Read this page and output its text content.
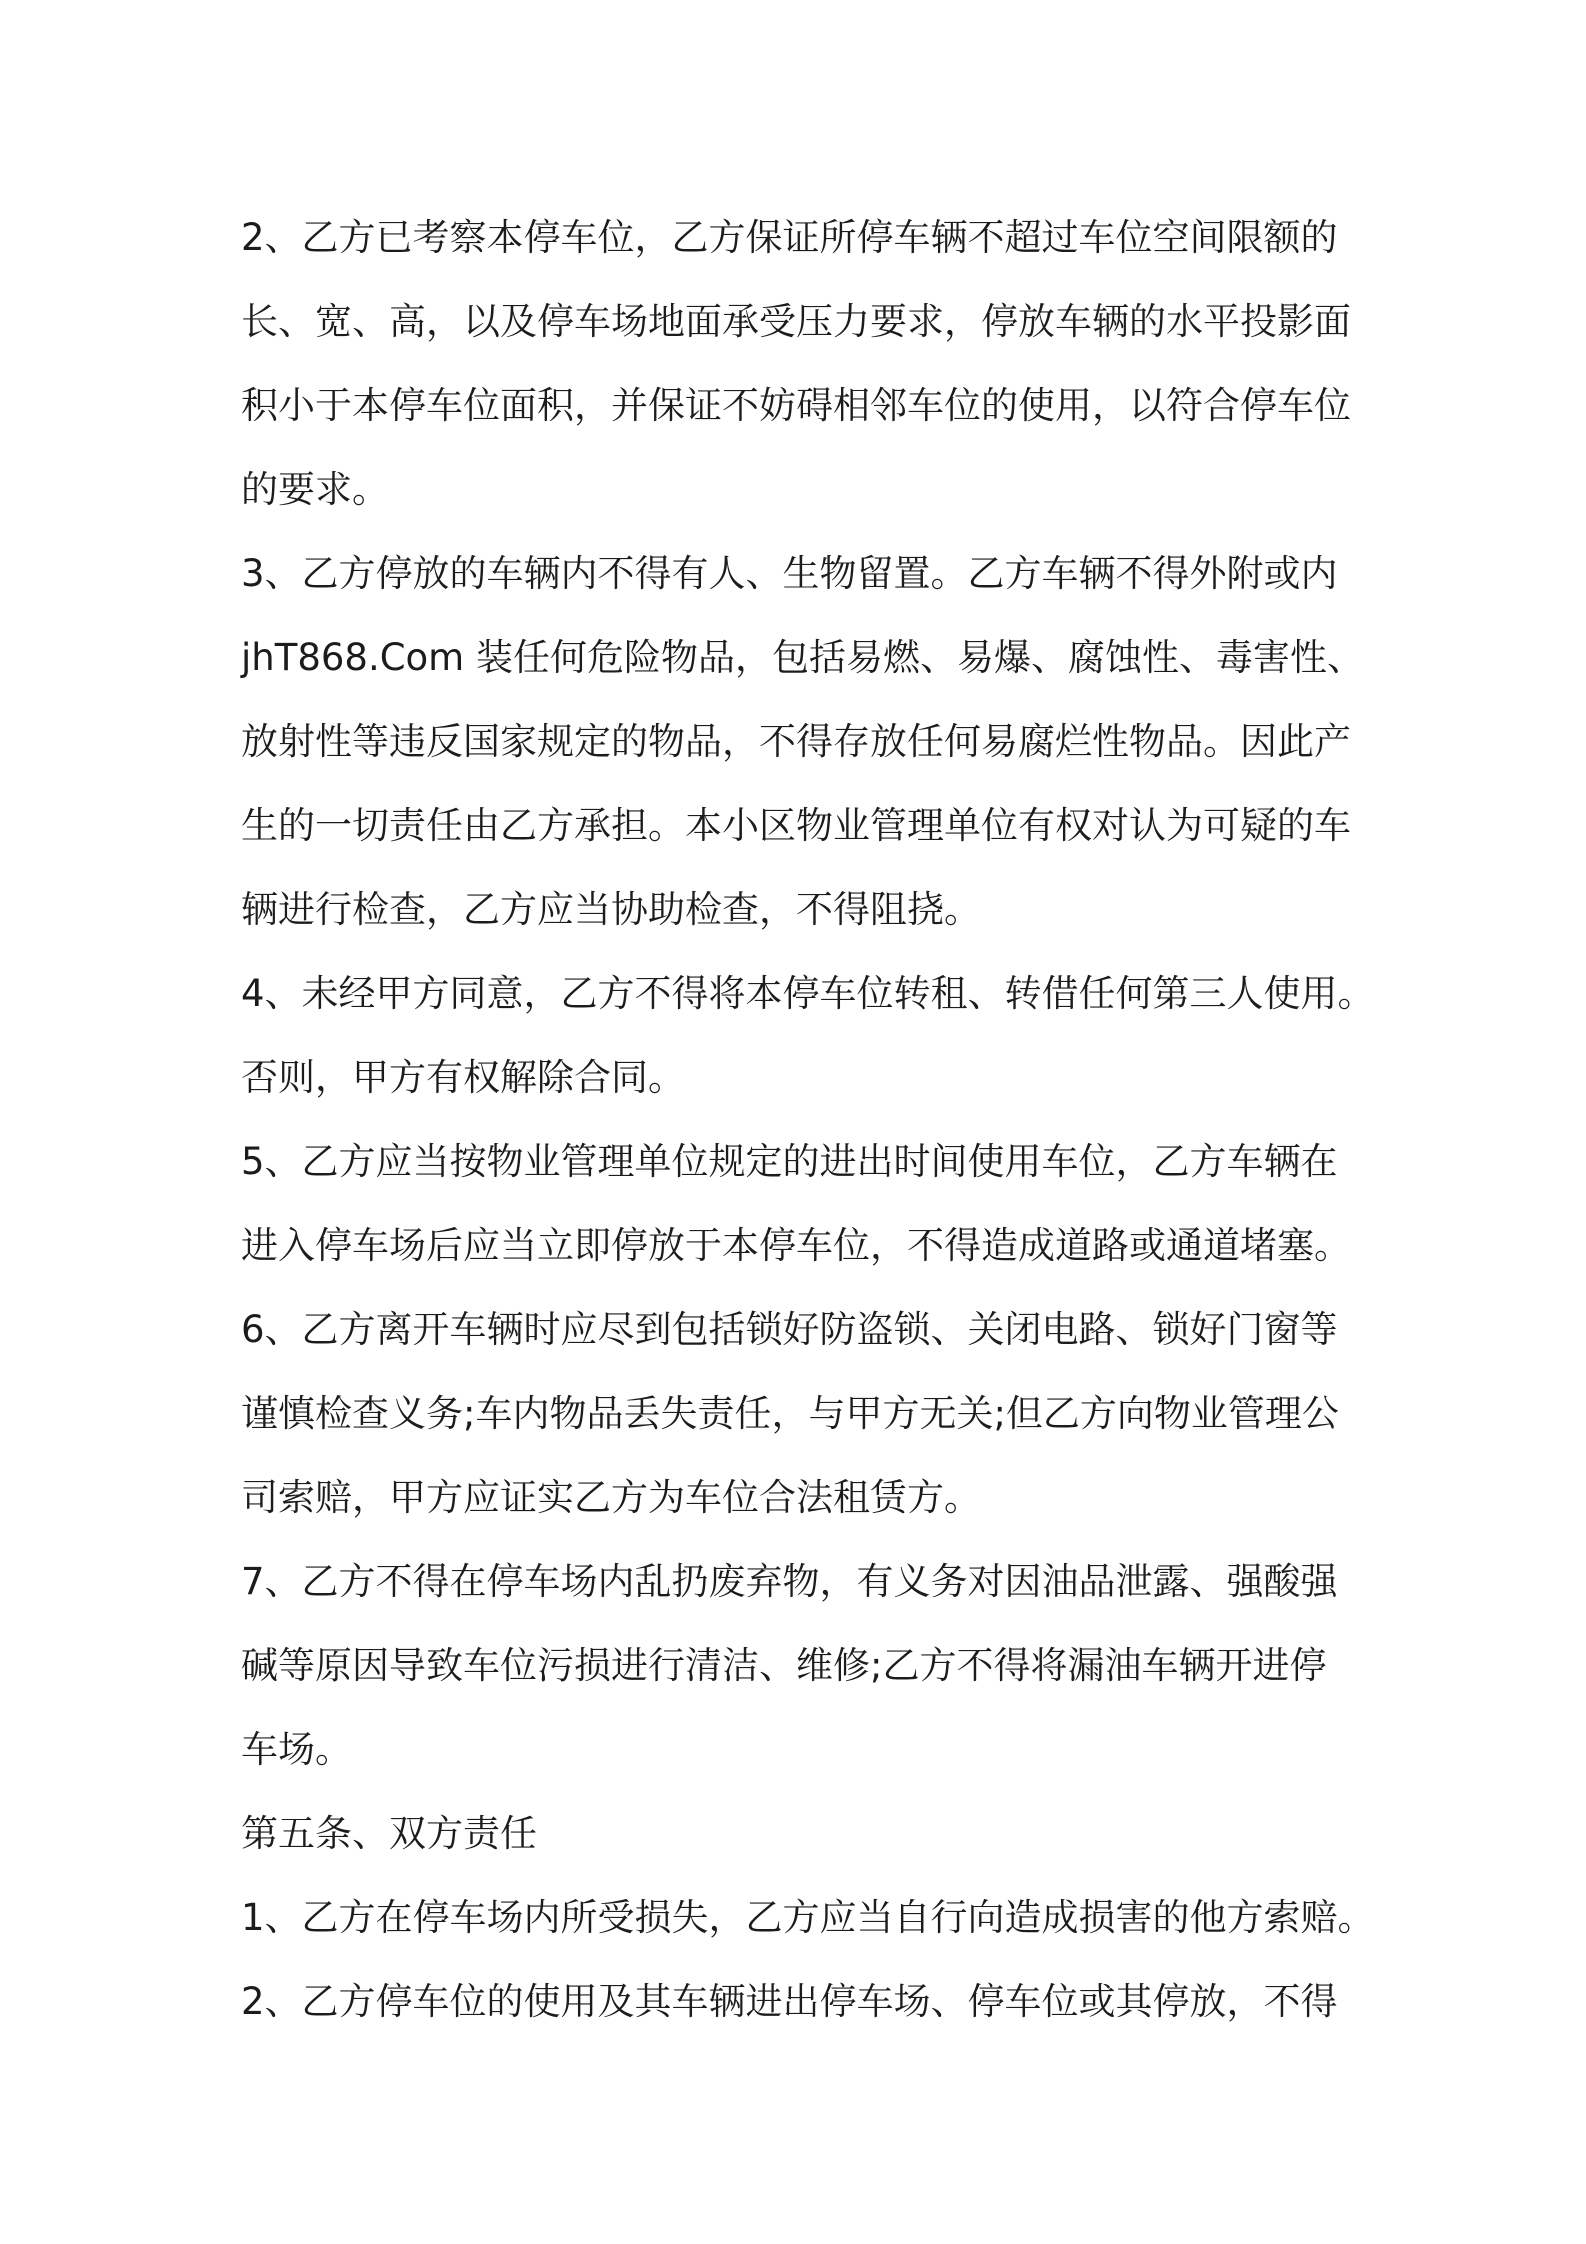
2、乙方已考察本停车位，乙方保证所停车辆不超过车位空间限额的
长、宽、高，以及停车场地面承受压力要求，停放车辆的水平投影面
积小于本停车位面积，并保证不妨碍相邻车位的使用，以符合停车位
的要求。
3、乙方停放的车辆内不得有人、生物留置。乙方车辆不得外附或内
jhT868.Com 装任何危险物品，包括易燃、易爆、腐蚀性、毒害性、
放射性等违反国家规定的物品，不得存放任何易腐烂性物品。因此产
生的一切责任由乙方承担。本小区物业管理单位有权对认为可疑的车
辆进行检查，乙方应当协助检查，不得阻挠。
4、未经甲方同意，乙方不得将本停车位转租、转借任何第三人使用。
否则，甲方有权解除合同。
5、乙方应当按物业管理单位规定的进出时间使用车位，乙方车辆在
进入停车场后应当立即停放于本停车位，不得造成道路或通道堵塞。
6、乙方离开车辆时应尽到包括锁好防盗锁、关闭电路、锁好门窗等
谨慎检查义务;车内物品丢失责任，与甲方无关;但乙方向物业管理公
司索赔，甲方应证实乙方为车位合法租赁方。
7、乙方不得在停车场内乱扔废弃物，有义务对因油品泄露、强酸强
碱等原因导致车位污损进行清洁、维修;乙方不得将漏油车辆开进停
车场。
第五条、双方责任
1、乙方在停车场内所受损失，乙方应当自行向造成损害的他方索赔。
2、乙方停车位的使用及其车辆进出停车场、停车位或其停放，不得
